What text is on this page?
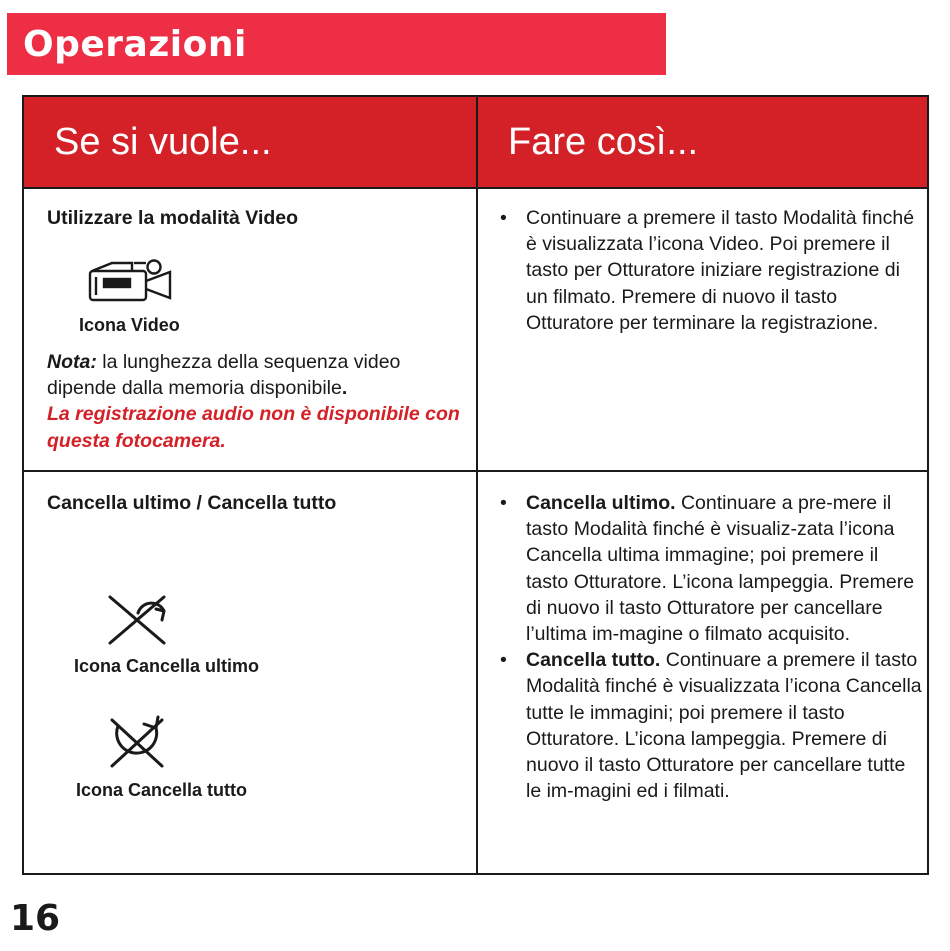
Operazioni
Se si vuole...	Fare così...
Utilizzare la modalità Video
Icona Video
Nota: la lunghezza della sequenza video dipende dalla memoria disponibile.
La registrazione audio non è disponibile con questa fotocamera.
• Continuare a premere il tasto Modalità finché è visualizzata l’icona Video. Poi premere il tasto per Otturatore iniziare registrazione di un filmato. Premere di nuovo il tasto Otturatore per terminare la registrazione.
Cancella ultimo / Cancella tutto
Icona Cancella ultimo
Icona Cancella tutto
• Cancella ultimo. Continuare a pre-mere il tasto Modalità finché è visualiz-zata l’icona Cancella ultima immagine; poi premere il tasto Otturatore. L’icona lampeggia. Premere di nuovo il tasto Otturatore per cancellare l’ultima im-magine o filmato acquisito.
• Cancella tutto. Continuare a premere il tasto Modalità finché è visualizzata l’icona Cancella tutte le immagini; poi premere il tasto Otturatore. L’icona lampeggia. Premere di nuovo il tasto Otturatore per cancellare tutte le im-magini ed i filmati.
16
